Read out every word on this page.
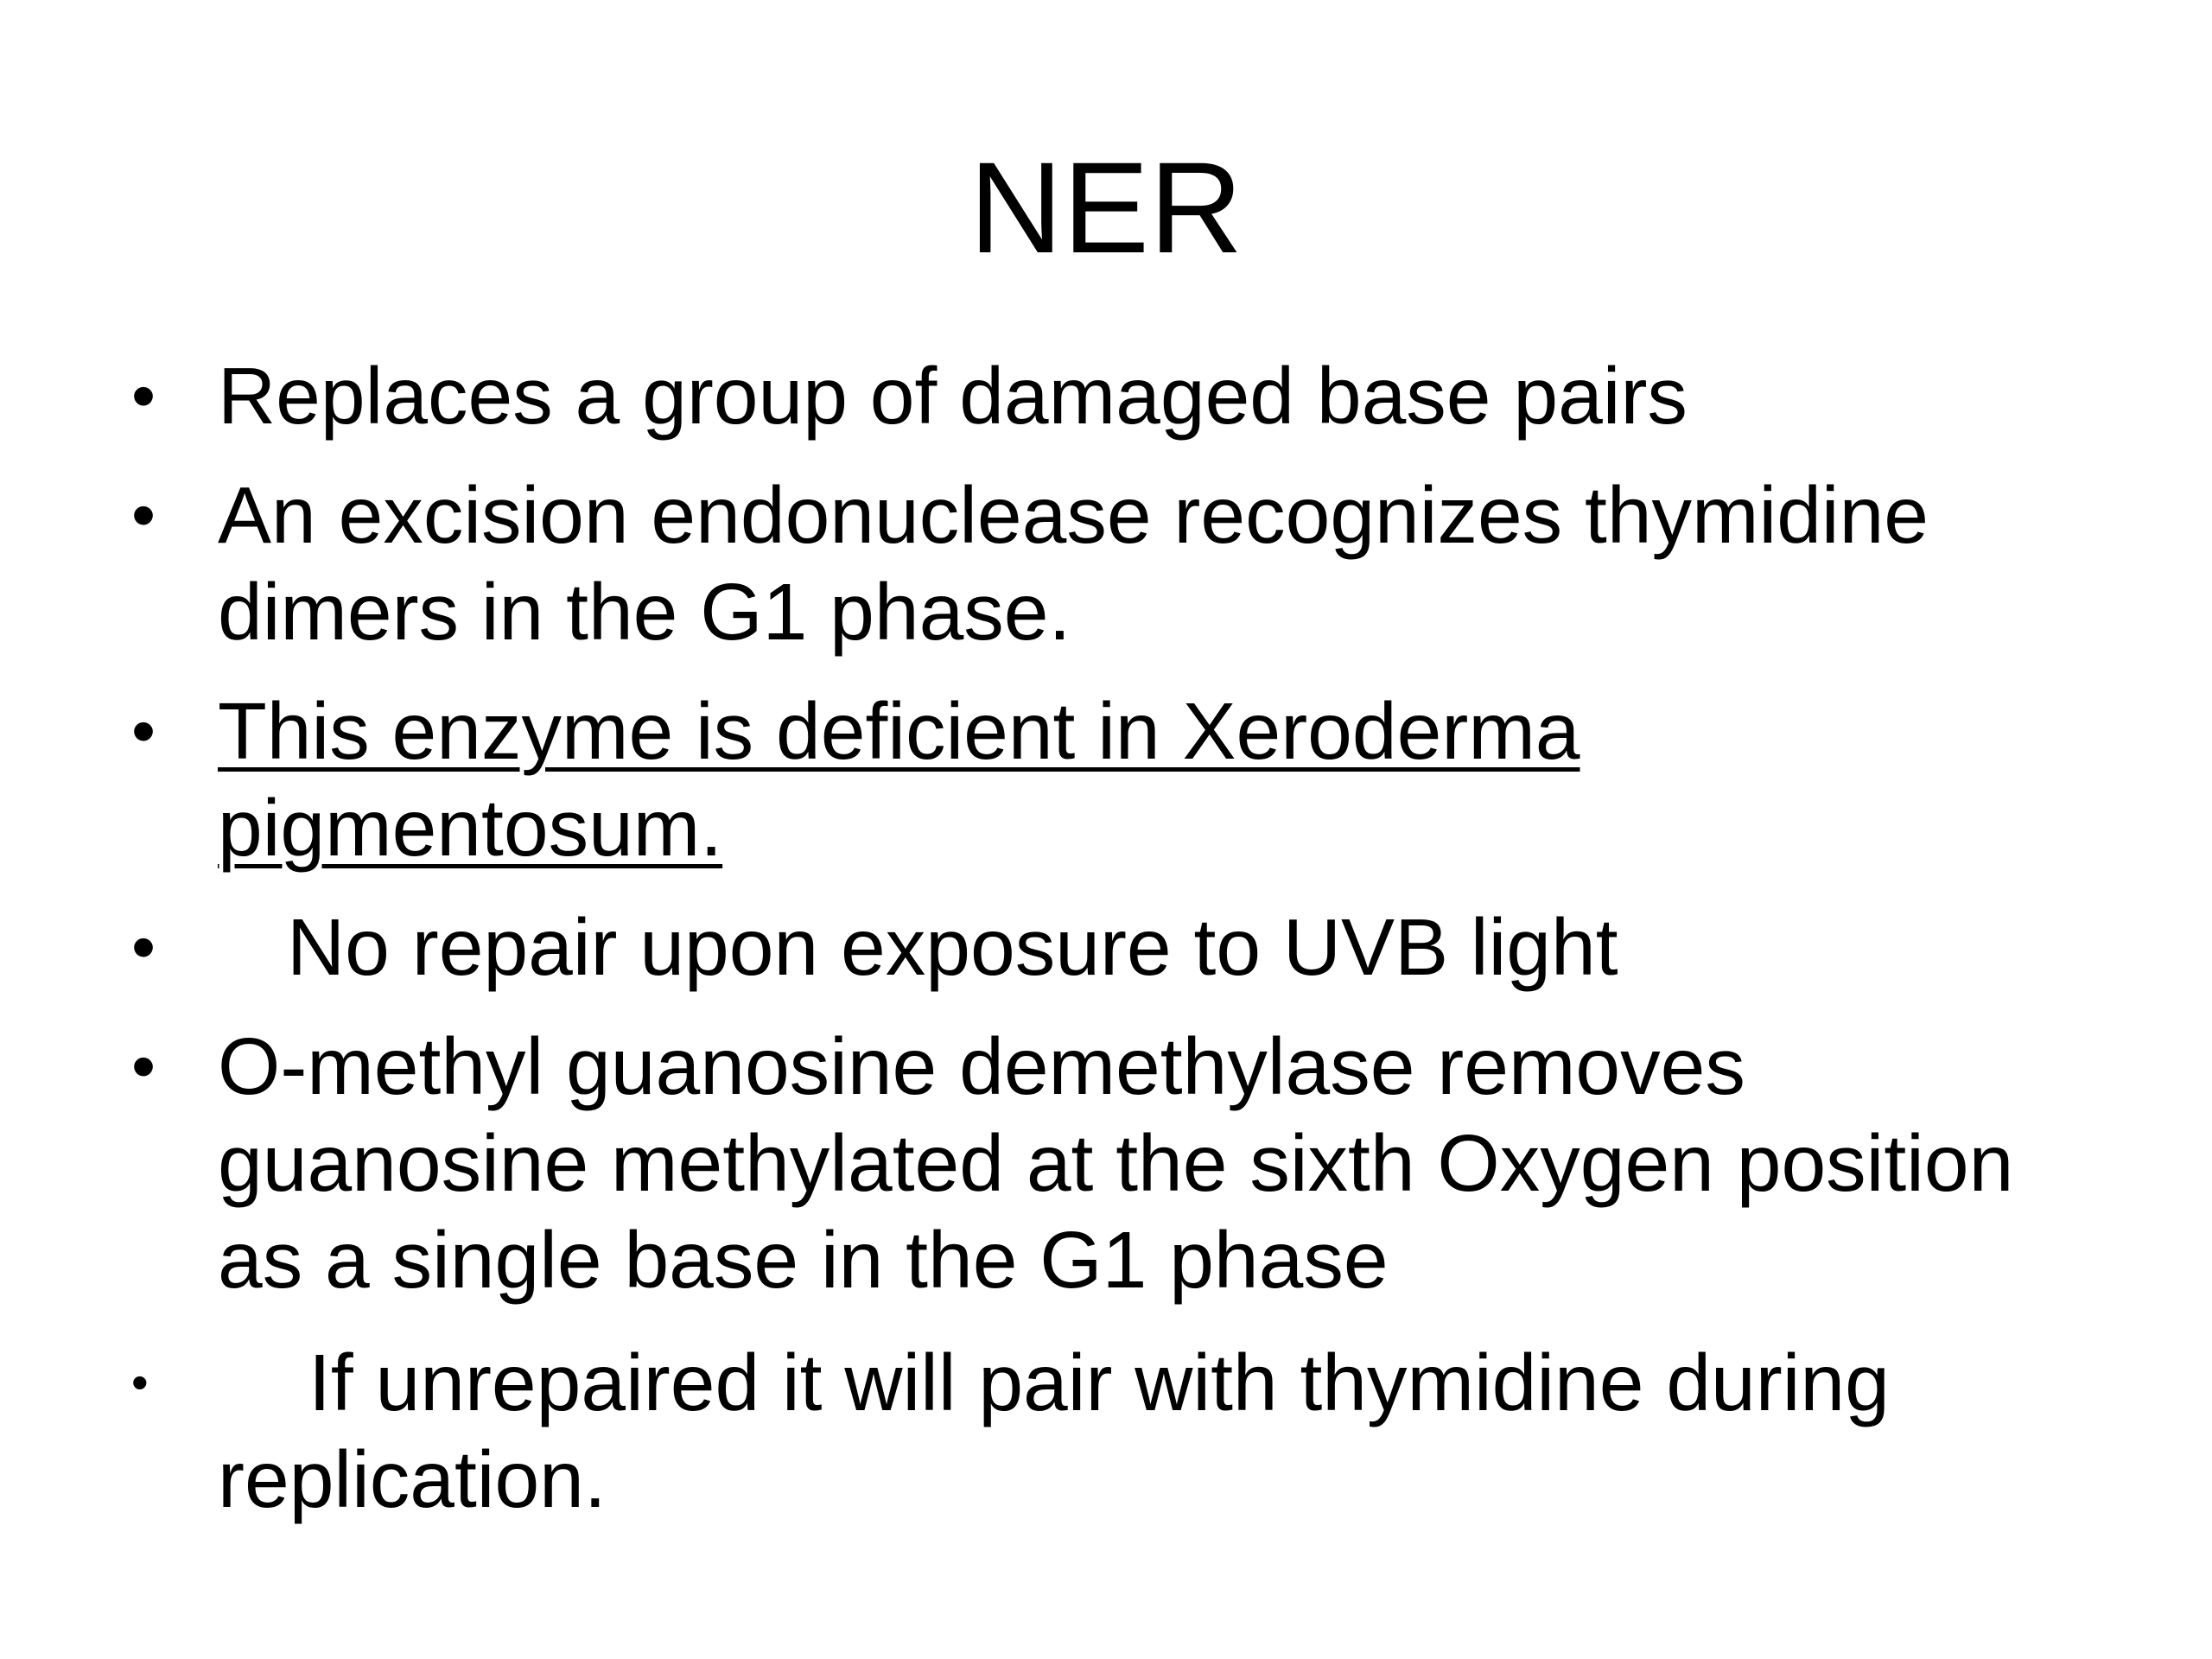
NER
• Replaces a group of damaged base pairs
• An excision endonuclease recognizes thymidine
dimers in the G1 phase.
• This enzyme is deficient in Xeroderma
pigmentosum.
• No repair upon exposure to UVB light
• O-methyl guanosine demethylase removes
guanosine methylated at the sixth Oxygen position
as a single base in the G1 phase
•	If unrepaired it will pair with thymidine during
replication.
